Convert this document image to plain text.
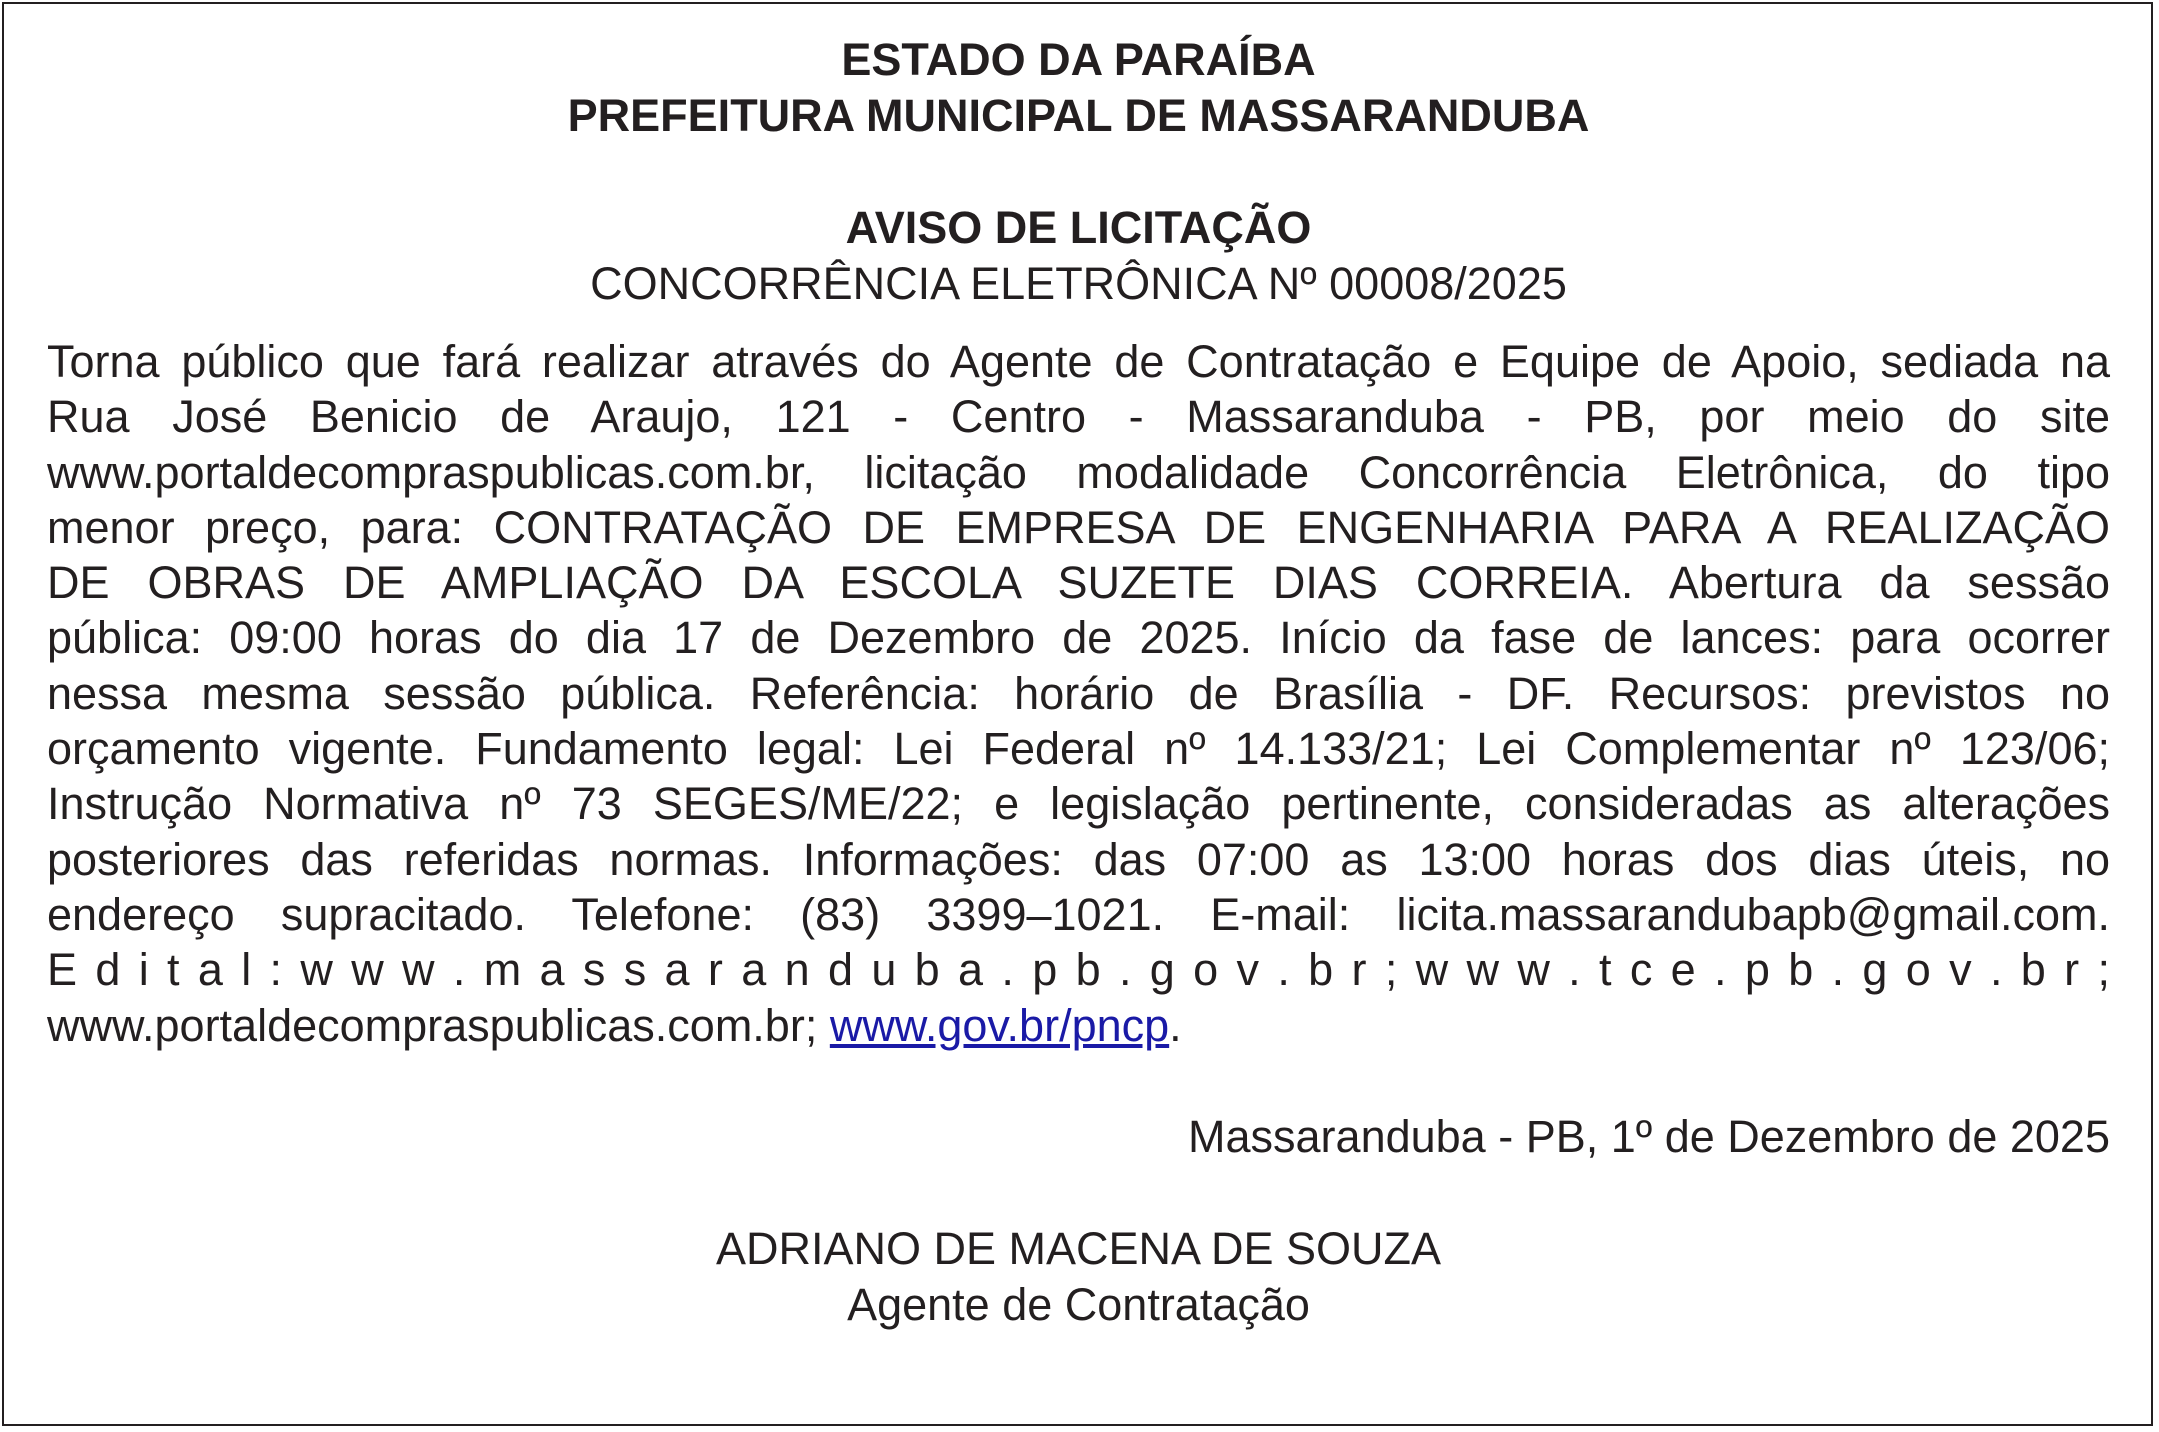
ESTADO DA PARAÍBA
PREFEITURA MUNICIPAL DE MASSARANDUBA
AVISO DE LICITAÇÃO
CONCORRÊNCIA ELETRÔNICA Nº 00008/2025
Torna público que fará realizar através do Agente de Contratação e Equipe de Apoio, sediada na
Rua José Benicio de Araujo, 121 - Centro - Massaranduba - PB, por meio do site
www.portaldecompraspublicas.com.br, licitação modalidade Concorrência Eletrônica, do tipo
menor preço, para: CONTRATAÇÃO DE EMPRESA DE ENGENHARIA PARA A REALIZAÇÃO
DE OBRAS DE AMPLIAÇÃO DA ESCOLA SUZETE DIAS CORREIA. Abertura da sessão
pública: 09:00 horas do dia 17 de Dezembro de 2025. Início da fase de lances: para ocorrer
nessa mesma sessão pública. Referência: horário de Brasília - DF. Recursos: previstos no
orçamento vigente. Fundamento legal: Lei Federal nº 14.133/21; Lei Complementar nº 123/06;
Instrução Normativa nº 73 SEGES/ME/22; e legislação pertinente, consideradas as alterações
posteriores das referidas normas. Informações: das 07:00 as 13:00 horas dos dias úteis, no
endereço supracitado. Telefone: (83) 3399–1021. E-mail: licita.massarandubapb@gmail.com.
E d i t a l : w w w . m a s s a r a n d u b a . p b . g o v . b r ; w w w . t c e . p b . g o v . b r ;
www.portaldecompraspublicas.com.br; www.gov.br/pncp.
Massaranduba - PB, 1º de Dezembro de 2025
ADRIANO DE MACENA DE SOUZA
Agente de Contratação
